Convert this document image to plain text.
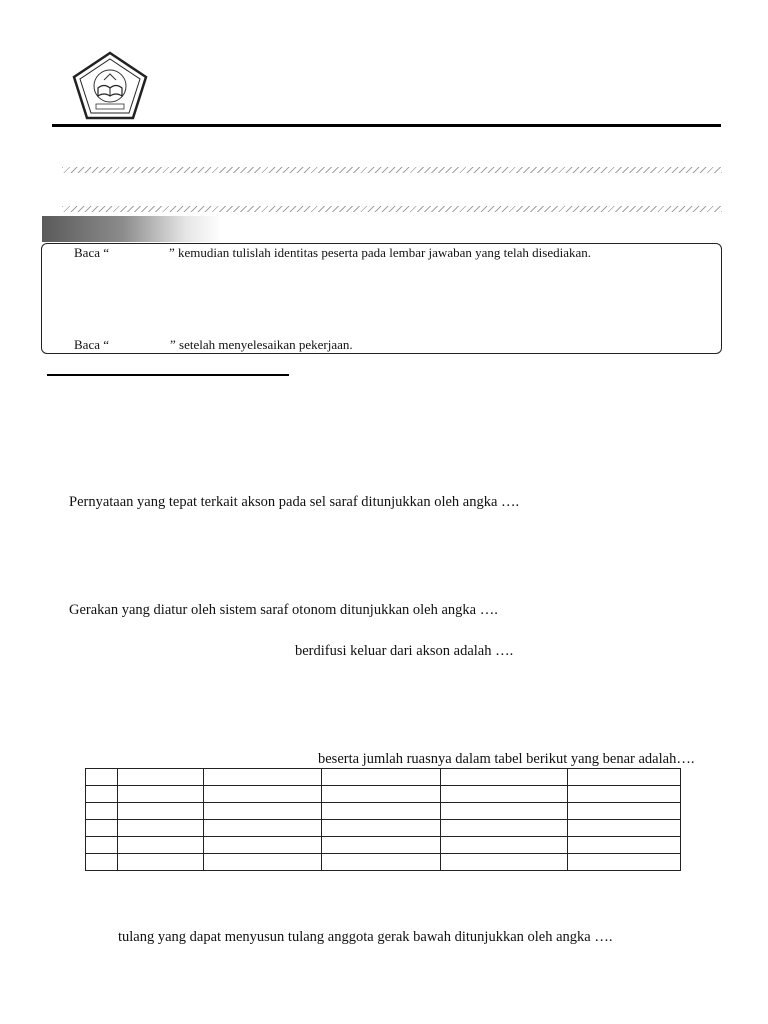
Baca “	” kemudian tulislah identitas peserta pada lembar jawaban yang telah disediakan.
Baca “	” setelah menyelesaikan pekerjaan.
Pernyataan yang tepat terkait akson pada sel saraf ditunjukkan oleh angka ….
Gerakan yang diatur oleh sistem saraf otonom ditunjukkan oleh angka ….
berdifusi keluar dari akson adalah ….
beserta jumlah ruasnya dalam tabel berikut yang benar adalah….

tulang yang dapat menyusun tulang anggota gerak bawah ditunjukkan oleh angka ….
